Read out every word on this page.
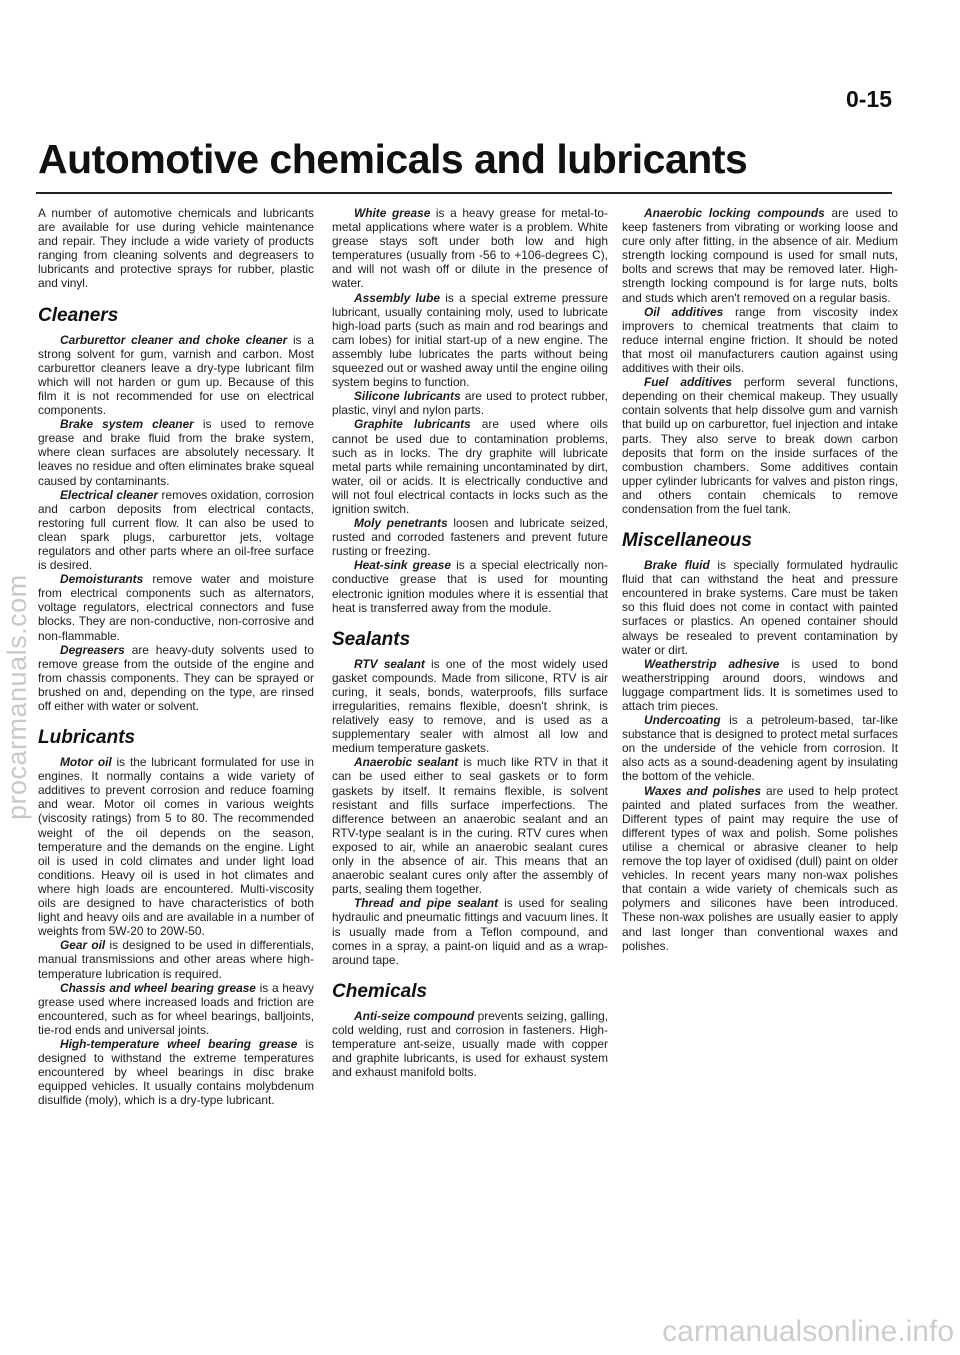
0-15
Automotive chemicals and lubricants

A number of automotive chemicals and lubricants are available for use during vehicle maintenance and repair. They include a wide variety of products ranging from cleaning solvents and degreasers to lubricants and protective sprays for rubber, plastic and vinyl.

Cleaners

Carburettor cleaner and choke cleaner is a strong solvent for gum, varnish and carbon. Most carburettor cleaners leave a dry-type lubricant film which will not harden or gum up. Because of this film it is not recommended for use on electrical components.

Brake system cleaner is used to remove grease and brake fluid from the brake system, where clean surfaces are absolutely necessary. It leaves no residue and often eliminates brake squeal caused by contaminants.

Electrical cleaner removes oxidation, corrosion and carbon deposits from electrical contacts, restoring full current flow. It can also be used to clean spark plugs, carburettor jets, voltage regulators and other parts where an oil-free surface is desired.

Demoisturants remove water and moisture from electrical components such as alternators, voltage regulators, electrical connectors and fuse blocks. They are non-conductive, non-corrosive and non-flammable.

Degreasers are heavy-duty solvents used to remove grease from the outside of the engine and from chassis components. They can be sprayed or brushed on and, depending on the type, are rinsed off either with water or solvent.

Lubricants

Motor oil is the lubricant formulated for use in engines. It normally contains a wide variety of additives to prevent corrosion and reduce foaming and wear. Motor oil comes in various weights (viscosity ratings) from 5 to 80. The recommended weight of the oil depends on the season, temperature and the demands on the engine. Light oil is used in cold climates and under light load conditions. Heavy oil is used in hot climates and where high loads are encountered. Multi-viscosity oils are designed to have characteristics of both light and heavy oils and are available in a number of weights from 5W-20 to 20W-50.

Gear oil is designed to be used in differentials, manual transmissions and other areas where high-temperature lubrication is required.

Chassis and wheel bearing grease is a heavy grease used where increased loads and friction are encountered, such as for wheel bearings, balljoints, tie-rod ends and universal joints.

High-temperature wheel bearing grease is designed to withstand the extreme temperatures encountered by wheel bearings in disc brake equipped vehicles. It usually contains molybdenum disulfide (moly), which is a dry-type lubricant.

White grease is a heavy grease for metal-to-metal applications where water is a problem. White grease stays soft under both low and high temperatures (usually from -56 to +106-degrees C), and will not wash off or dilute in the presence of water.

Assembly lube is a special extreme pressure lubricant, usually containing moly, used to lubricate high-load parts (such as main and rod bearings and cam lobes) for initial start-up of a new engine. The assembly lube lubricates the parts without being squeezed out or washed away until the engine oiling system begins to function.

Silicone lubricants are used to protect rubber, plastic, vinyl and nylon parts.

Graphite lubricants are used where oils cannot be used due to contamination problems, such as in locks. The dry graphite will lubricate metal parts while remaining uncontaminated by dirt, water, oil or acids. It is electrically conductive and will not foul electrical contacts in locks such as the ignition switch.

Moly penetrants loosen and lubricate seized, rusted and corroded fasteners and prevent future rusting or freezing.

Heat-sink grease is a special electrically non-conductive grease that is used for mounting electronic ignition modules where it is essential that heat is transferred away from the module.

Sealants

RTV sealant is one of the most widely used gasket compounds. Made from silicone, RTV is air curing, it seals, bonds, waterproofs, fills surface irregularities, remains flexible, doesn't shrink, is relatively easy to remove, and is used as a supplementary sealer with almost all low and medium temperature gaskets.

Anaerobic sealant is much like RTV in that it can be used either to seal gaskets or to form gaskets by itself. It remains flexible, is solvent resistant and fills surface imperfections. The difference between an anaerobic sealant and an RTV-type sealant is in the curing. RTV cures when exposed to air, while an anaerobic sealant cures only in the absence of air. This means that an anaerobic sealant cures only after the assembly of parts, sealing them together.

Thread and pipe sealant is used for sealing hydraulic and pneumatic fittings and vacuum lines. It is usually made from a Teflon compound, and comes in a spray, a paint-on liquid and as a wrap-around tape.

Chemicals

Anti-seize compound prevents seizing, galling, cold welding, rust and corrosion in fasteners. High-temperature ant-seize, usually made with copper and graphite lubricants, is used for exhaust system and exhaust manifold bolts.

Anaerobic locking compounds are used to keep fasteners from vibrating or working loose and cure only after fitting, in the absence of air. Medium strength locking compound is used for small nuts, bolts and screws that may be removed later. High-strength locking compound is for large nuts, bolts and studs which aren't removed on a regular basis.

Oil additives range from viscosity index improvers to chemical treatments that claim to reduce internal engine friction. It should be noted that most oil manufacturers caution against using additives with their oils.

Fuel additives perform several functions, depending on their chemical makeup. They usually contain solvents that help dissolve gum and varnish that build up on carburettor, fuel injection and intake parts. They also serve to break down carbon deposits that form on the inside surfaces of the combustion chambers. Some additives contain upper cylinder lubricants for valves and piston rings, and others contain chemicals to remove condensation from the fuel tank.

Miscellaneous

Brake fluid is specially formulated hydraulic fluid that can withstand the heat and pressure encountered in brake systems. Care must be taken so this fluid does not come in contact with painted surfaces or plastics. An opened container should always be resealed to prevent contamination by water or dirt.

Weatherstrip adhesive is used to bond weatherstripping around doors, windows and luggage compartment lids. It is sometimes used to attach trim pieces.

Undercoating is a petroleum-based, tar-like substance that is designed to protect metal surfaces on the underside of the vehicle from corrosion. It also acts as a sound-deadening agent by insulating the bottom of the vehicle.

Waxes and polishes are used to help protect painted and plated surfaces from the weather. Different types of paint may require the use of different types of wax and polish. Some polishes utilise a chemical or abrasive cleaner to help remove the top layer of oxidised (dull) paint on older vehicles. In recent years many non-wax polishes that contain a wide variety of chemicals such as polymers and silicones have been introduced. These non-wax polishes are usually easier to apply and last longer than conventional waxes and polishes.

procarmanuals.com
carmanualsonline.info
